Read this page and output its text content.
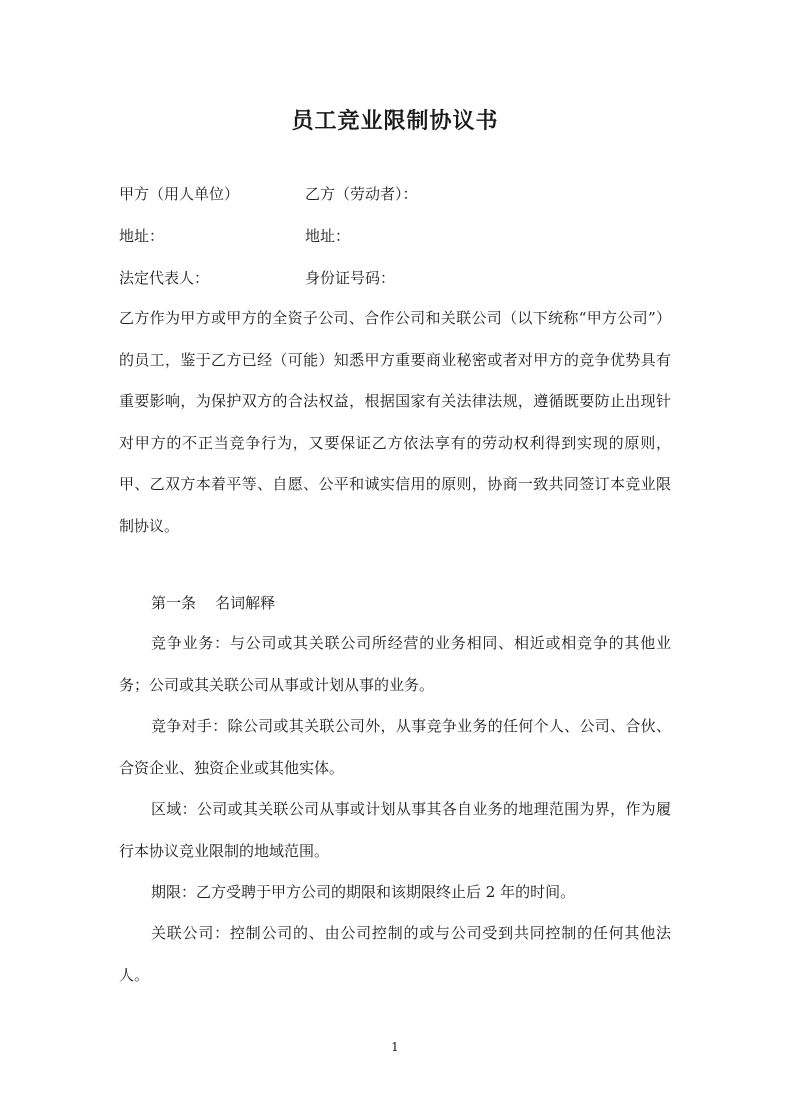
员工竞业限制协议书
甲方（用人单位）	乙方（劳动者）：
地址：	地址：
法定代表人：	身份证号码：
乙方作为甲方或甲方的全资子公司、合作公司和关联公司（以下统称“甲方公司”）的员工，鉴于乙方已经（可能）知悉甲方重要商业秘密或者对甲方的竞争优势具有重要影响，为保护双方的合法权益，根据国家有关法律法规，遵循既要防止出现针对甲方的不正当竞争行为，又要保证乙方依法享有的劳动权利得到实现的原则，甲、乙双方本着平等、自愿、公平和诚实信用的原则，协商一致共同签订本竞业限制协议。
第一条    名词解释
竞争业务：与公司或其关联公司所经营的业务相同、相近或相竞争的其他业务；公司或其关联公司从事或计划从事的业务。
竞争对手：除公司或其关联公司外，从事竞争业务的任何个人、公司、合伙、合资企业、独资企业或其他实体。
区域：公司或其关联公司从事或计划从事其各自业务的地理范围为界，作为履行本协议竞业限制的地域范围。
期限：乙方受聘于甲方公司的期限和该期限终止后 2 年的时间。
关联公司：控制公司的、由公司控制的或与公司受到共同控制的任何其他法人。
1
